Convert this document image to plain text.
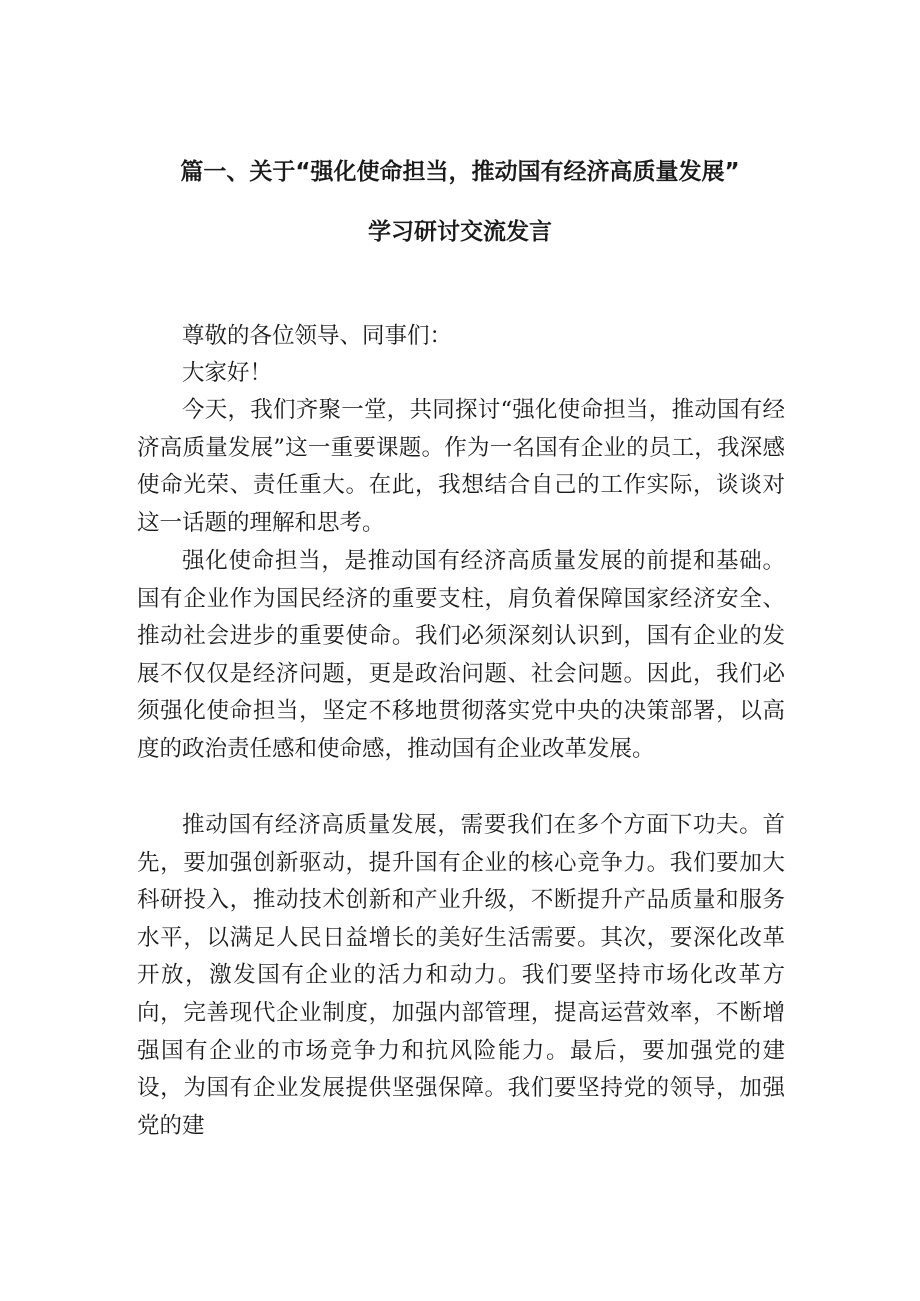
篇一、关于“强化使命担当，推动国有经济高质量发展”
学习研讨交流发言
尊敬的各位领导、同事们：
大家好！

今天，我们齐聚一堂，共同探讨“强化使命担当，推动国有经济高质量发展”这一重要课题。作为一名国有企业的员工，我深感使命光荣、责任重大。在此，我想结合自己的工作实际，谈谈对这一话题的理解和思考。

强化使命担当，是推动国有经济高质量发展的前提和基础。国有企业作为国民经济的重要支柱，肩负着保障国家经济安全、推动社会进步的重要使命。我们必须深刻认识到，国有企业的发展不仅仅是经济问题，更是政治问题、社会问题。因此，我们必须强化使命担当，坚定不移地贯彻落实党中央的决策部署，以高度的政治责任感和使命感，推动国有企业改革发展。

推动国有经济高质量发展，需要我们在多个方面下功夫。首先，要加强创新驱动，提升国有企业的核心竞争力。我们要加大科研投入，推动技术创新和产业升级，不断提升产品质量和服务水平，以满足人民日益增长的美好生活需要。其次，要深化改革开放，激发国有企业的活力和动力。我们要坚持市场化改革方向，完善现代企业制度，加强内部管理，提高运营效率，不断增强国有企业的市场竞争力和抗风险能力。最后，要加强党的建设，为国有企业发展提供坚强保障。我们要坚持党的领导，加强党的建
